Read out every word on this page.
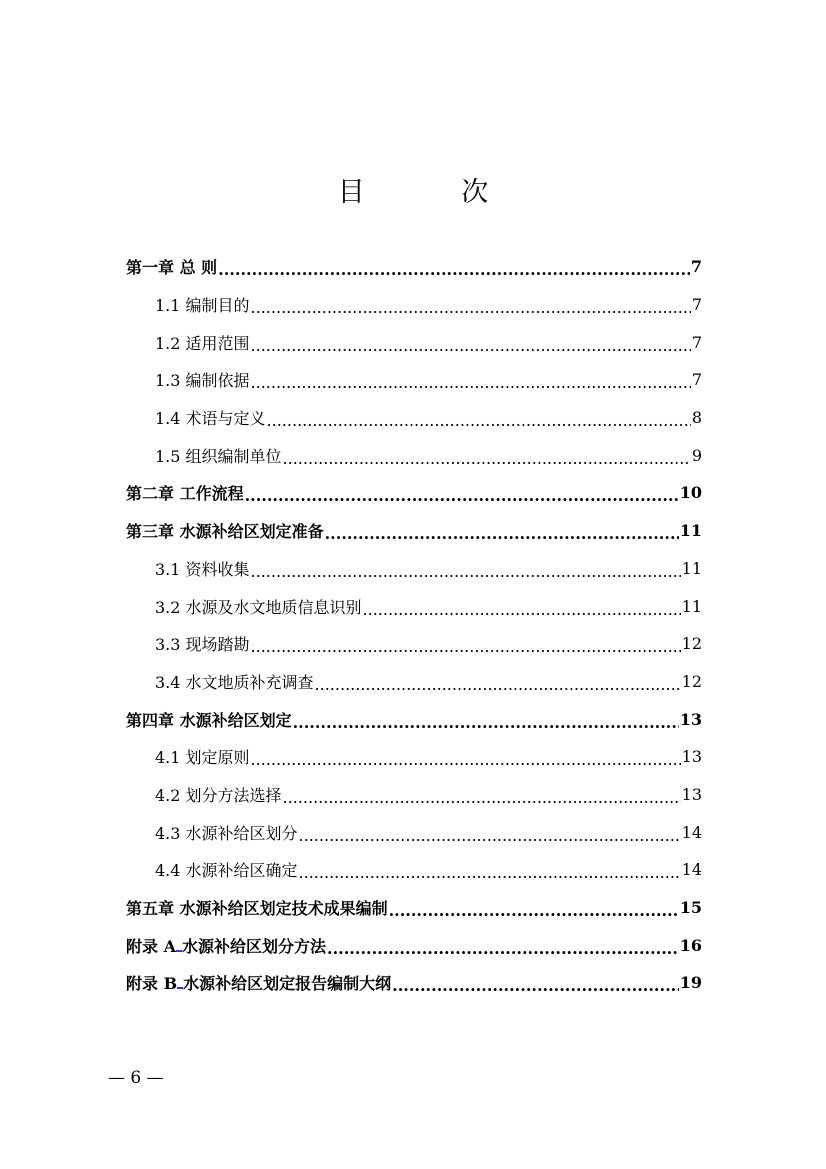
目 次
第一章 总 则 .....	7
1.1 编制目的 .....	7
1.2 适用范围 .....	7
1.3 编制依据 .....	7
1.4 术语与定义 .....	8
1.5 组织编制单位 .....	9
第二章 工作流程 .....	10
第三章 水源补给区划定准备 .....	11
3.1 资料收集 .....	11
3.2 水源及水文地质信息识别 .....	11
3.3 现场踏勘 .....	12
3.4 水文地质补充调查 .....	12
第四章 水源补给区划定 .....	13
4.1 划定原则 .....	13
4.2 划分方法选择 .....	13
4.3 水源补给区划分 .....	14
4.4 水源补给区确定 .....	14
第五章 水源补给区划定技术成果编制 .....	15
附录 A 水源补给区划分方法 .....	16
附录 B 水源补给区划定报告编制大纲 .....	19
— 6 —
